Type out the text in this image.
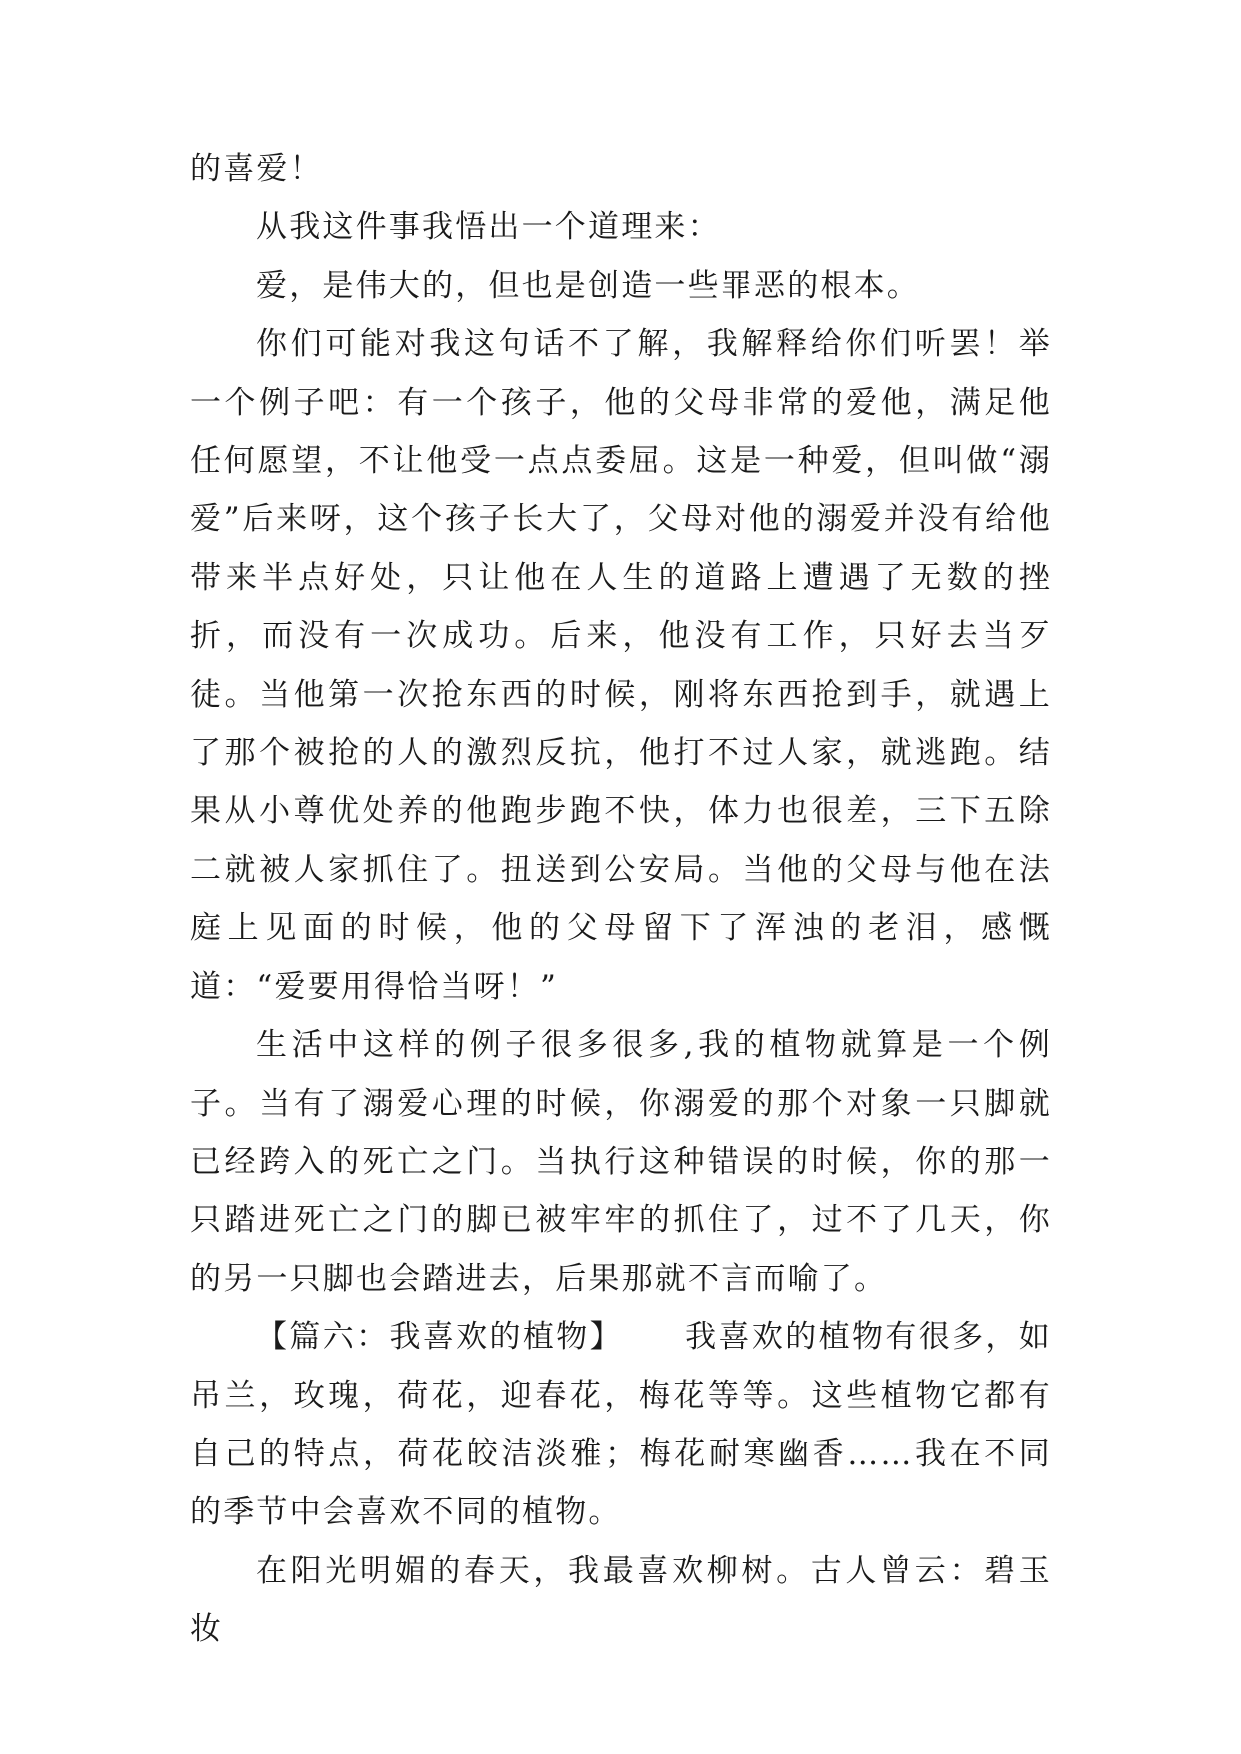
的喜爱！

从我这件事我悟出一个道理来：

爱，是伟大的，但也是创造一些罪恶的根本。

你们可能对我这句话不了解，我解释给你们听罢！举一个例子吧：有一个孩子，他的父母非常的爱他，满足他任何愿望，不让他受一点点委屈。这是一种爱，但叫做“溺爱”后来呀，这个孩子长大了，父母对他的溺爱并没有给他带来半点好处，只让他在人生的道路上遭遇了无数的挫折，而没有一次成功。后来，他没有工作，只好去当歹徒。当他第一次抢东西的时候，刚将东西抢到手，就遇上了那个被抢的人的激烈反抗，他打不过人家，就逃跑。结果从小尊优处养的他跑步跑不快，体力也很差，三下五除二就被人家抓住了。扭送到公安局。当他的父母与他在法庭上见面的时候，他的父母留下了浑浊的老泪，感慨道：“爱要用得恰当呀！”

生活中这样的例子很多很多,我的植物就算是一个例子。当有了溺爱心理的时候，你溺爱的那个对象一只脚就已经跨入的死亡之门。当执行这种错误的时候，你的那一只踏进死亡之门的脚已被牢牢的抓住了，过不了几天，你的另一只脚也会踏进去，后果那就不言而喻了。

【篇六：我喜欢的植物】 我喜欢的植物有很多，如吊兰，玫瑰，荷花，迎春花，梅花等等。这些植物它都有自己的特点，荷花皎洁淡雅；梅花耐寒幽香……我在不同的季节中会喜欢不同的植物。

在阳光明媚的春天，我最喜欢柳树。古人曾云：碧玉妆
